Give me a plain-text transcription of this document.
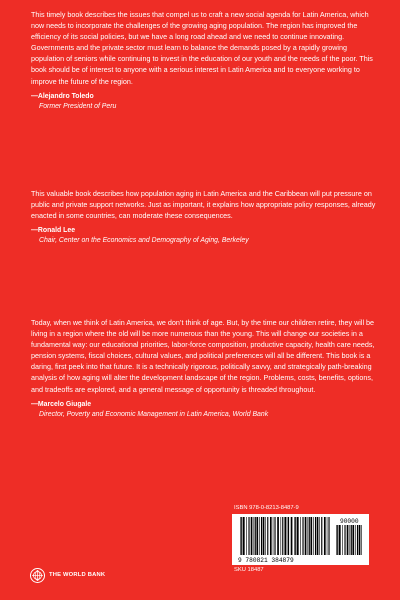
This timely book describes the issues that compel us to craft a new social agenda for Latin America, which now needs to incorporate the challenges of the growing aging population. The region has improved the efficiency of its social policies, but we have a long road ahead and we need to continue innovating. Governments and the private sector must learn to balance the demands posed by a rapidly growing population of seniors while continuing to invest in the education of our youth and the needs of the poor. This book should be of interest to anyone with a serious interest in Latin America and to everyone working to improve the future of the region.

—Alejandro Toledo
Former President of Peru

This valuable book describes how population aging in Latin America and the Caribbean will put pressure on public and private support networks. Just as important, it explains how appropriate policy responses, already enacted in some countries, can moderate these consequences.

—Ronald Lee
Chair, Center on the Economics and Demography of Aging, Berkeley

Today, when we think of Latin America, we don’t think of age. But, by the time our children retire, they will be living in a region where the old will be more numerous than the young. This will change our societies in a fundamental way: our educational priorities, labor-force composition, productive capacity, health care needs, pension systems, fiscal choices, cultural values, and political preferences will all be different. This book is a daring, first peek into that future. It is a technically rigorous, politically savvy, and strategically path-breaking analysis of how aging will alter the development landscape of the region. Problems, costs, benefits, options, and tradeoffs are explored, and a general message of opportunity is threaded throughout.

—Marcelo Giugale
Director, Poverty and Economic Management in Latin America, World Bank
ISBN 978-0-8213-8487-9
9 780821 384879
90000
SKU 18487
THE WORLD BANK
